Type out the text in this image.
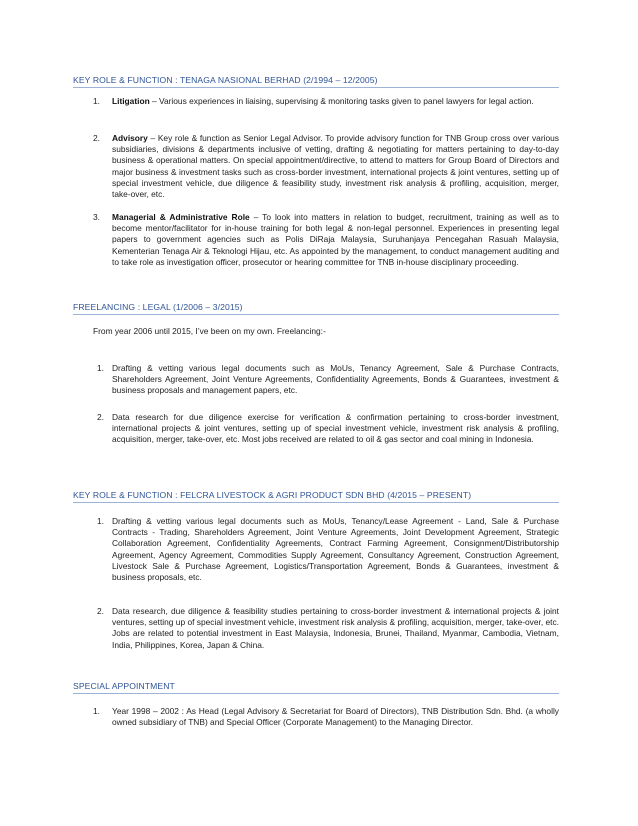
KEY ROLE & FUNCTION : TENAGA NASIONAL BERHAD (2/1994 – 12/2005)
1. Litigation – Various experiences in liaising, supervising & monitoring tasks given to panel lawyers for legal action.
2. Advisory – Key role & function as Senior Legal Advisor. To provide advisory function for TNB Group cross over various subsidiaries, divisions & departments inclusive of vetting, drafting & negotiating for matters pertaining to day-to-day business & operational matters. On special appointment/directive, to attend to matters for Group Board of Directors and major business & investment tasks such as cross-border investment, international projects & joint ventures, setting up of special investment vehicle, due diligence & feasibility study, investment risk analysis & profiling, acquisition, merger, take-over, etc.
3. Managerial & Administrative Role – To look into matters in relation to budget, recruitment, training as well as to become mentor/facilitator for in-house training for both legal & non-legal personnel. Experiences in presenting legal papers to government agencies such as Polis DiRaja Malaysia, Suruhanjaya Pencegahan Rasuah Malaysia, Kementerian Tenaga Air & Teknologi Hijau, etc. As appointed by the management, to conduct management auditing and to take role as investigation officer, prosecutor or hearing committee for TNB in-house disciplinary proceeding.
FREELANCING : LEGAL (1/2006 – 3/2015)
From year 2006 until 2015, I’ve been on my own. Freelancing:-
1. Drafting & vetting various legal documents such as MoUs, Tenancy Agreement, Sale & Purchase Contracts, Shareholders Agreement, Joint Venture Agreements, Confidentiality Agreements, Bonds & Guarantees, investment & business proposals and management papers, etc.
2. Data research for due diligence exercise for verification & confirmation pertaining to cross-border investment, international projects & joint ventures, setting up of special investment vehicle, investment risk analysis & profiling, acquisition, merger, take-over, etc. Most jobs received are related to oil & gas sector and coal mining in Indonesia.
KEY ROLE & FUNCTION : FELCRA LIVESTOCK & AGRI PRODUCT SDN BHD (4/2015 – PRESENT)
1. Drafting & vetting various legal documents such as MoUs, Tenancy/Lease Agreement - Land, Sale & Purchase Contracts - Trading, Shareholders Agreement, Joint Venture Agreements, Joint Development Agreement, Strategic Collaboration Agreement, Confidentiality Agreements, Contract Farming Agreement, Consignment/Distributorship Agreement, Agency Agreement, Commodities Supply Agreement, Consultancy Agreement, Construction Agreement, Livestock Sale & Purchase Agreement, Logistics/Transportation Agreement, Bonds & Guarantees, investment & business proposals, etc.
2. Data research, due diligence & feasibility studies pertaining to cross-border investment & international projects & joint ventures, setting up of special investment vehicle, investment risk analysis & profiling, acquisition, merger, take-over, etc. Jobs are related to potential investment in East Malaysia, Indonesia, Brunei, Thailand, Myanmar, Cambodia, Vietnam, India, Philippines, Korea, Japan & China.
SPECIAL APPOINTMENT
1. Year 1998 – 2002 : As Head (Legal Advisory & Secretariat for Board of Directors), TNB Distribution Sdn. Bhd. (a wholly owned subsidiary of TNB) and Special Officer (Corporate Management) to the Managing Director.
